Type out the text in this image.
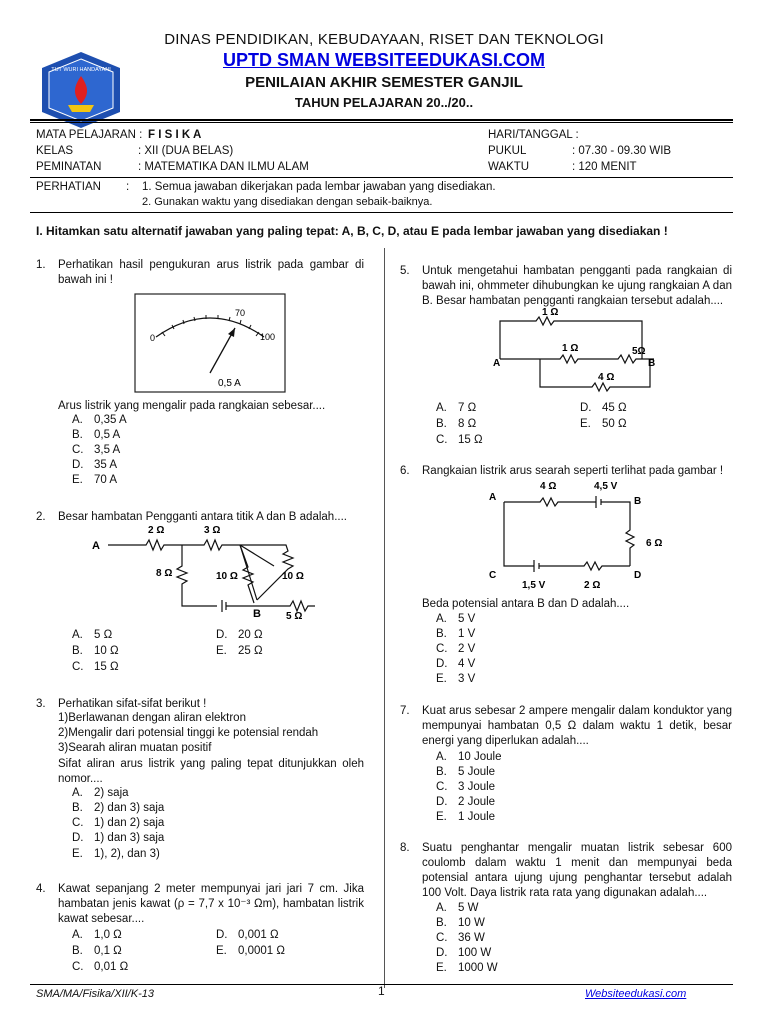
TUT WURI HANDAYANI
DINAS PENDIDIKAN, KEBUDAYAAN, RISET DAN TEKNOLOGI
UPTD SMAN WEBSITEEDUKASI.COM
PENILAIAN AKHIR SEMESTER GANJIL
TAHUN PELAJARAN 20../20..
MATA PELAJARAN : F I S I K A
KELAS	: XII (DUA BELAS)
PEMINATAN	: MATEMATIKA DAN ILMU ALAM
HARI/TANGGAL :
PUKUL	: 07.30 - 09.30 WIB
WAKTU	: 120 MENIT
PERHATIAN : 1. Semua jawaban dikerjakan pada lembar jawaban yang disediakan.
2. Gunakan waktu yang disediakan dengan sebaik-baiknya.
I. Hitamkan satu alternatif jawaban yang paling tepat: A, B, C, D, atau E pada lembar jawaban yang disediakan !
1. Perhatikan hasil pengukuran arus listrik pada gambar di bawah ini !
0
70
100
0,5 A
Arus listrik yang mengalir pada rangkaian sebesar....
A. 0,35 A
B. 0,5 A
C. 3,5 A
D. 35 A
E. 70 A
2. Besar hambatan Pengganti antara titik A dan B adalah....
A
B
2 Ω	3 Ω
8 Ω	10 Ω	10 Ω
5 Ω
A. 5 Ω
B. 10 Ω
C. 15 Ω
D. 20 Ω
E. 25 Ω
3. Perhatikan sifat-sifat berikut !
1)Berlawanan dengan aliran elektron
2)Mengalir dari potensial tinggi ke potensial rendah
3)Searah aliran muatan positif
Sifat aliran arus listrik yang paling tepat ditunjukkan oleh nomor....
A. 2) saja
B. 2) dan 3) saja
C. 1) dan 2) saja
D. 1) dan 3) saja
E. 1), 2), dan 3)
4. Kawat sepanjang 2 meter mempunyai jari jari 7 cm. Jika hambatan jenis kawat (ρ = 7,7 x 10⁻³ Ωm), hambatan listrik kawat sebesar....
A. 1,0 Ω
B. 0,1 Ω
C. 0,01 Ω
D. 0,001 Ω
E. 0,0001 Ω
5. Untuk mengetahui hambatan pengganti pada rangkaian di bawah ini, ohmmeter dihubungkan ke ujung rangkaian A dan B. Besar hambatan pengganti rangkaian tersebut adalah....
A	B
1 Ω
1 Ω	5Ω
4 Ω
A. 7 Ω
B. 8 Ω
C. 15 Ω
D. 45 Ω
E. 50 Ω
6. Rangkaian listrik arus searah seperti terlihat pada gambar !
A	B
C	D
4 Ω	4,5 V
6 Ω
1,5 V	2 Ω
Beda potensial antara B dan D adalah....
A. 5 V
B. 1 V
C. 2 V
D. 4 V
E. 3 V
7. Kuat arus sebesar 2 ampere mengalir dalam konduktor yang mempunyai hambatan 0,5 Ω dalam waktu 1 detik, besar energi yang diperlukan adalah....
A. 10 Joule
B. 5 Joule
C. 3 Joule
D. 2 Joule
E. 1 Joule
8. Suatu penghantar mengalir muatan listrik sebesar 600 coulomb dalam waktu 1 menit dan mempunyai beda potensial antara ujung ujung penghantar tersebut adalah 100 Volt. Daya listrik rata rata yang digunakan adalah....
A. 5 W
B. 10 W
C. 36 W
D. 100 W
E. 1000 W
SMA/MA/Fisika/XII/K-13	1	Websiteedukasi.com
